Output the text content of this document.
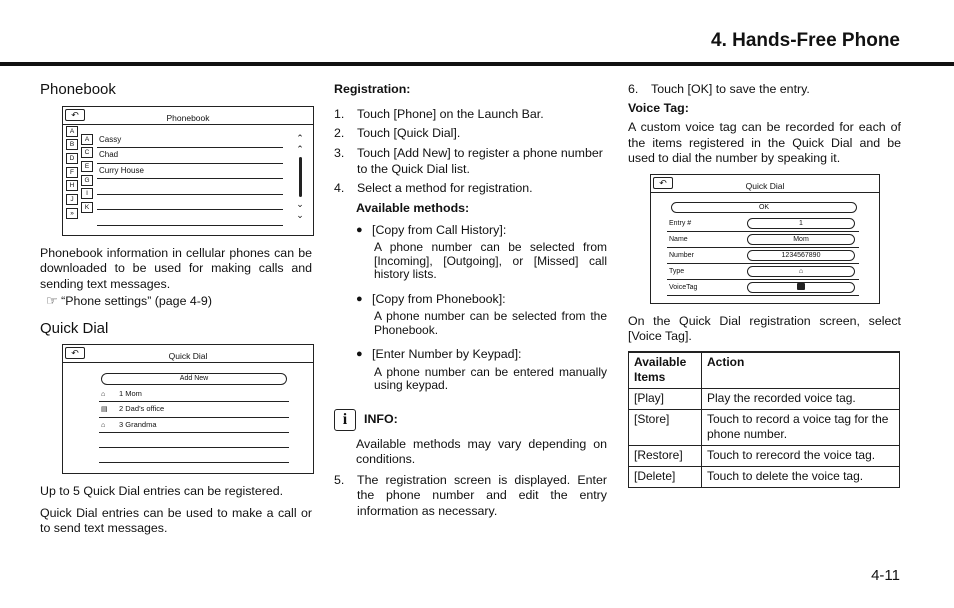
4. Hands-Free Phone
Phonebook
↶	Phonebook
A
B
D
F
H
J
»
A
C
E
G
I
K
Cassy
Chad
Curry House
⌃
⌃
⌄
⌄

Phonebook information in cellular phones can be downloaded to be used for making calls and sending text messages.

☞ “Phone settings” (page 4-9)

Quick Dial
↶	Quick Dial
Add New
⌂ 1 Mom
▤ 2 Dad’s office
⌂ 3 Grandma

Up to 5 Quick Dial entries can be registered.

Quick Dial entries can be used to make a call or to send text messages.

Registration:

1.	Touch [Phone] on the Launch Bar.
2.	Touch [Quick Dial].
3.	Touch [Add New] to register a phone number to the Quick Dial list.
4.	Select a method for registration.

Available methods:

● [Copy from Call History]:

A phone number can be selected from [Incoming], [Outgoing], or [Missed] call history lists.

● [Copy from Phonebook]:

A phone number can be selected from the Phonebook.

● [Enter Number by Keypad]:

A phone number can be entered manually using keypad.

i	INFO:

Available methods may vary depending on conditions.

5.	The registration screen is displayed. Enter the phone number and edit the entry information as necessary.
6.	Touch [OK] to save the entry.

Voice Tag:

A custom voice tag can be recorded for each of the items registered in the Quick Dial and be used to dial the number by speaking it.

↶	Quick Dial
OK
Entry #	1
Name	Mom
Number	1234567890
Type	⌂
VoiceTag

On the Quick Dial registration screen, select [Voice Tag].

Available Items	Action
[Play]	Play the recorded voice tag.
[Store]	Touch to record a voice tag for the phone number.
[Restore]	Touch to rerecord the voice tag.
[Delete]	Touch to delete the voice tag.
4-11
